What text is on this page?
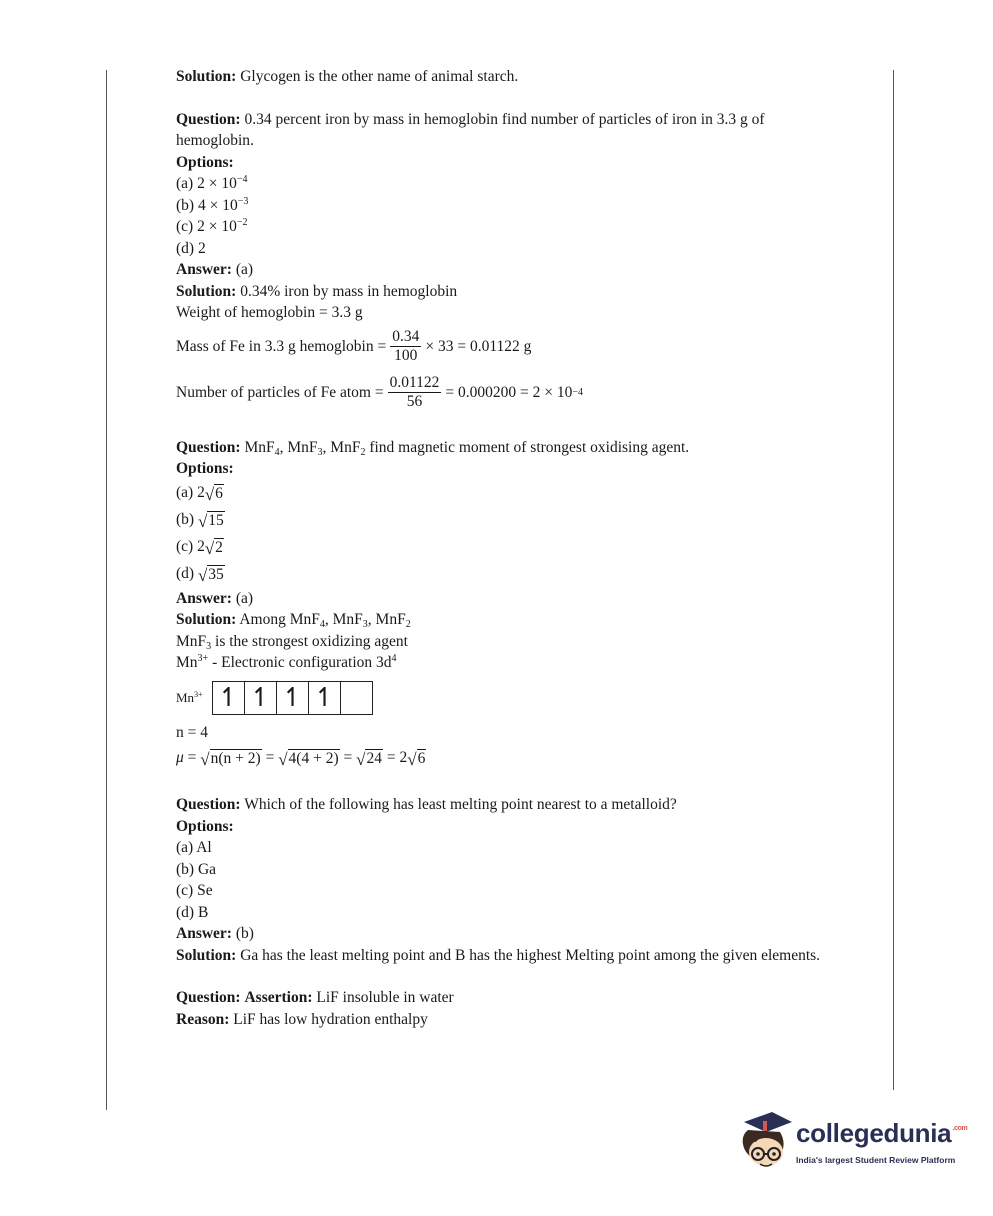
Solution: Glycogen is the other name of animal starch.
Question: 0.34 percent iron by mass in hemoglobin find number of particles of iron in 3.3 g of hemoglobin.
Options:
(a) $2 \times 10^{-4}$
(b) $4 \times 10^{-3}$
(c) $2 \times 10^{-2}$
(d) 2
Answer: (a)
Solution: 0.34% iron by mass in hemoglobin
Weight of hemoglobin = 3.3 g
Mass of Fe in 3.3 g hemoglobin = $\frac{0.34}{100} \times 33 = 0.01122$ g
Number of particles of Fe atom = $\frac{0.01122}{56} = 0.000200 = 2 \times 10 -4$
Question: MnF$_4$, MnF$_3$, MnF$_2$ find magnetic moment of strongest oxidising agent.
Options:
(a) 2 √ 6
(b)
√ 15
(c) 2 √ 2
(d)
√ 35
Answer: (a)
Solution: Among MnF$_4$, MnF$_3$, MnF$_2$
MnF$_3$ is the strongest oxidizing agent
$Mn^{3+}$ - Electronic configuration $3d^4$
$Mn^{3+}$ ↿ ↿ ↿ ↿
n = 4
μ
=
√ n(n + 2)
=
√ 4(4 + 2)
=
√ 24
=
2 √ 6
Question: Which of the following has least melting point nearest to a metalloid?
Options:
(a) Al
(b) Ga
(c) Se
(d) B
Answer: (b)
Solution: Ga has the least melting point and B has the highest Melting point among the given elements.
Question: Assertion: LiF insoluble in water
Reason: LiF has low hydration enthalpy
collegedunia$^{.com}$
India's largest Student Review Platform
